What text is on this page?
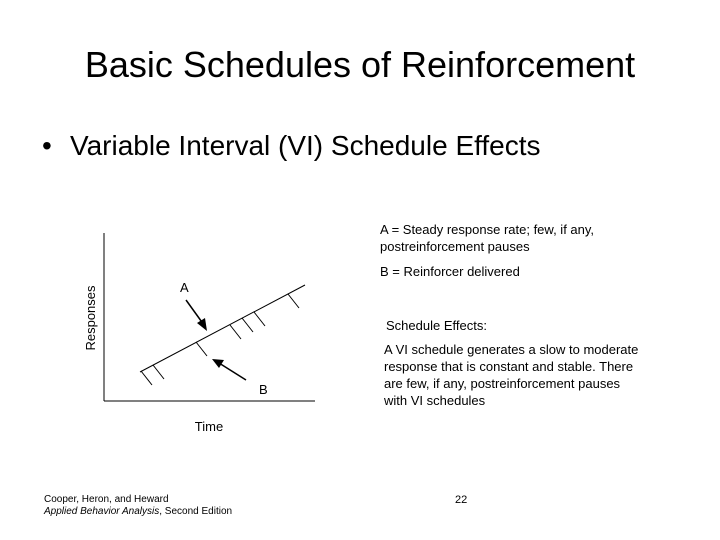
Basic Schedules of Reinforcement
• Variable Interval (VI) Schedule Effects
A
B
Responses
Time
A = Steady response rate; few, if any, postreinforcement pauses
B = Reinforcer delivered
Schedule Effects:
A VI schedule generates a slow to moderate response that is constant and stable. There are few, if any, postreinforcement pauses with VI schedules
Cooper, Heron, and Heward
Applied Behavior Analysis, Second Edition
22
